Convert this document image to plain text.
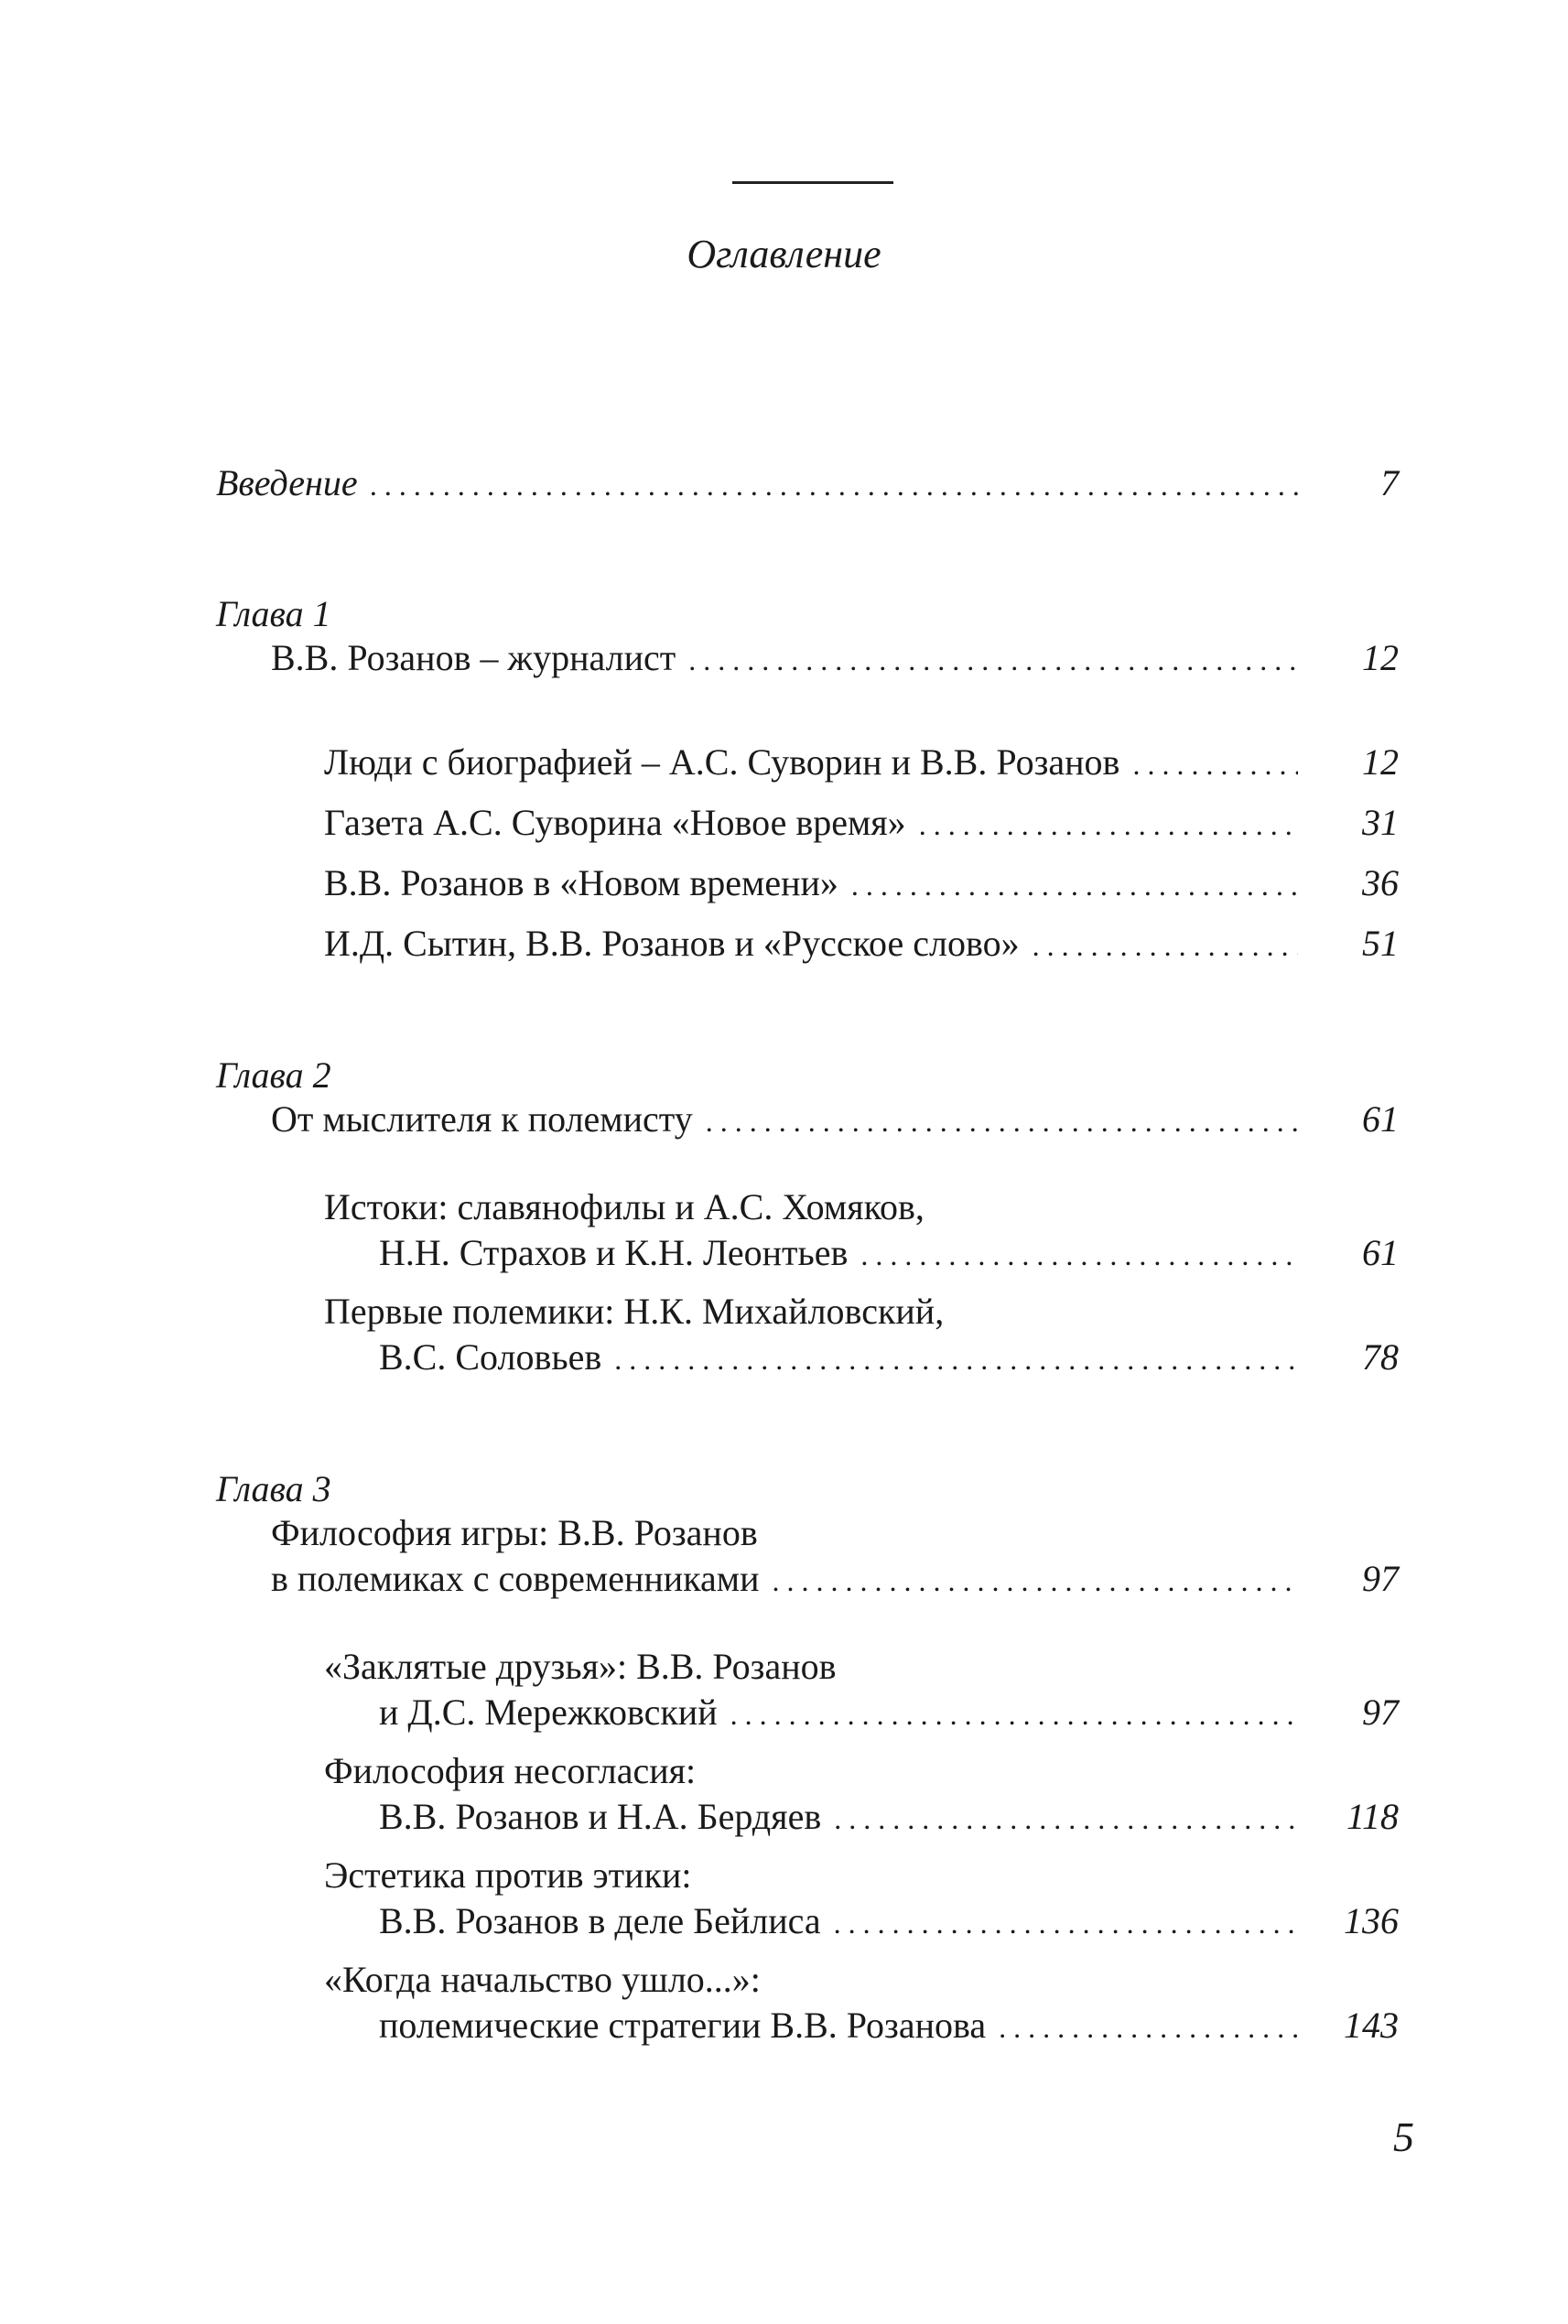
Оглавление
Введение . . .	7
Глава 1
В.В. Розанов – журналист . . .	12
Люди с биографией – А.С. Суворин и В.В. Розанов . . .	12
Газета А.С. Суворина «Новое время» . . .	31
В.В. Розанов в «Новом времени» . . .	36
И.Д. Сытин, В.В. Розанов и «Русское слово» . . .	51
Глава 2
От мыслителя к полемисту . . .	61
Истоки: славянофилы и А.С. Хомяков,
Н.Н. Страхов и К.Н. Леонтьев . . .	61
Первые полемики: Н.К. Михайловский,
В.С. Соловьев . . .	78
Глава 3
Философия игры: В.В. Розанов
в полемиках с современниками . . .	97
«Заклятые друзья»: В.В. Розанов
и Д.С. Мережковский . . .	97
Философия несогласия:
В.В. Розанов и Н.А. Бердяев . . .	118
Эстетика против этики:
В.В. Розанов в деле Бейлиса . . .	136
«Когда начальство ушло...»:
полемические стратегии В.В. Розанова . . .	143
5
